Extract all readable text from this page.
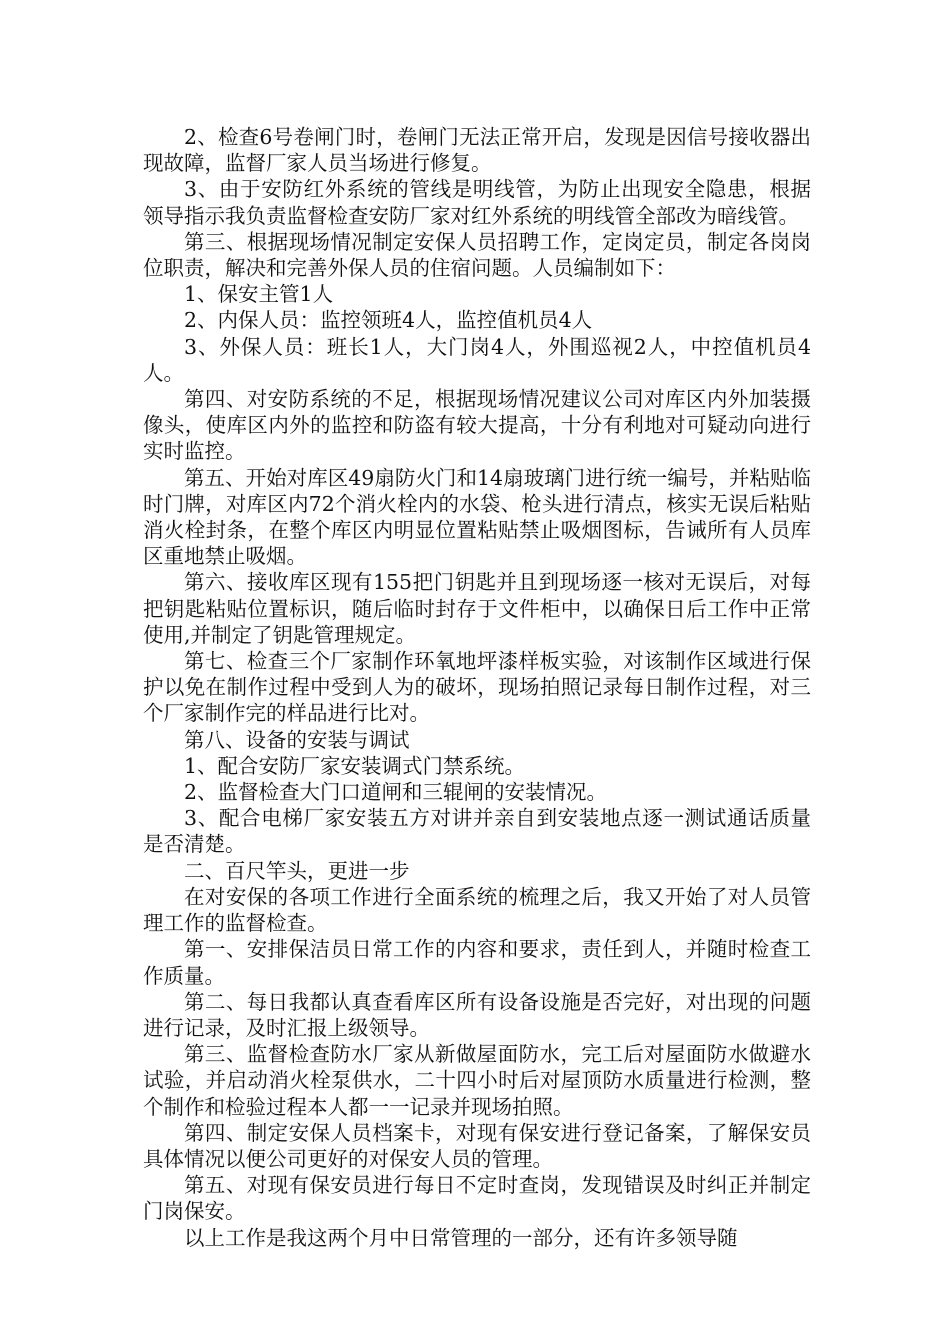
2、检查6号卷闸门时，卷闸门无法正常开启，发现是因信号接收器出现故障，监督厂家人员当场进行修复。

3、由于安防红外系统的管线是明线管，为防止出现安全隐患，根据领导指示我负责监督检查安防厂家对红外系统的明线管全部改为暗线管。

第三、根据现场情况制定安保人员招聘工作，定岗定员，制定各岗岗位职责，解决和完善外保人员的住宿问题。人员编制如下：

1、保安主管1人

2、内保人员：监控领班4人，监控值机员4人

3、外保人员：班长1人，大门岗4人，外围巡视2人，中控值机员4人。

第四、对安防系统的不足，根据现场情况建议公司对库区内外加装摄像头，使库区内外的监控和防盗有较大提高，十分有利地对可疑动向进行实时监控。

第五、开始对库区49扇防火门和14扇玻璃门进行统一编号，并粘贴临时门牌，对库区内72个消火栓内的水袋、枪头进行清点，核实无误后粘贴消火栓封条，在整个库区内明显位置粘贴禁止吸烟图标，告诫所有人员库区重地禁止吸烟。

第六、接收库区现有155把门钥匙并且到现场逐一核对无误后，对每把钥匙粘贴位置标识，随后临时封存于文件柜中，以确保日后工作中正常使用,并制定了钥匙管理规定。

第七、检查三个厂家制作环氧地坪漆样板实验，对该制作区域进行保护以免在制作过程中受到人为的破坏，现场拍照记录每日制作过程，对三个厂家制作完的样品进行比对。

第八、设备的安装与调试

1、配合安防厂家安装调式门禁系统。

2、监督检查大门口道闸和三辊闸的安装情况。

3、配合电梯厂家安装五方对讲并亲自到安装地点逐一测试通话质量是否清楚。

二、百尺竿头，更进一步

在对安保的各项工作进行全面系统的梳理之后，我又开始了对人员管理工作的监督检查。

第一、安排保洁员日常工作的内容和要求，责任到人，并随时检查工作质量。

第二、每日我都认真查看库区所有设备设施是否完好，对出现的问题进行记录，及时汇报上级领导。

第三、监督检查防水厂家从新做屋面防水，完工后对屋面防水做避水试验，并启动消火栓泵供水，二十四小时后对屋顶防水质量进行检测，整个制作和检验过程本人都一一记录并现场拍照。

第四、制定安保人员档案卡，对现有保安进行登记备案，了解保安员具体情况以便公司更好的对保安人员的管理。

第五、对现有保安员进行每日不定时查岗，发现错误及时纠正并制定门岗保安。

以上工作是我这两个月中日常管理的一部分，还有许多领导随
